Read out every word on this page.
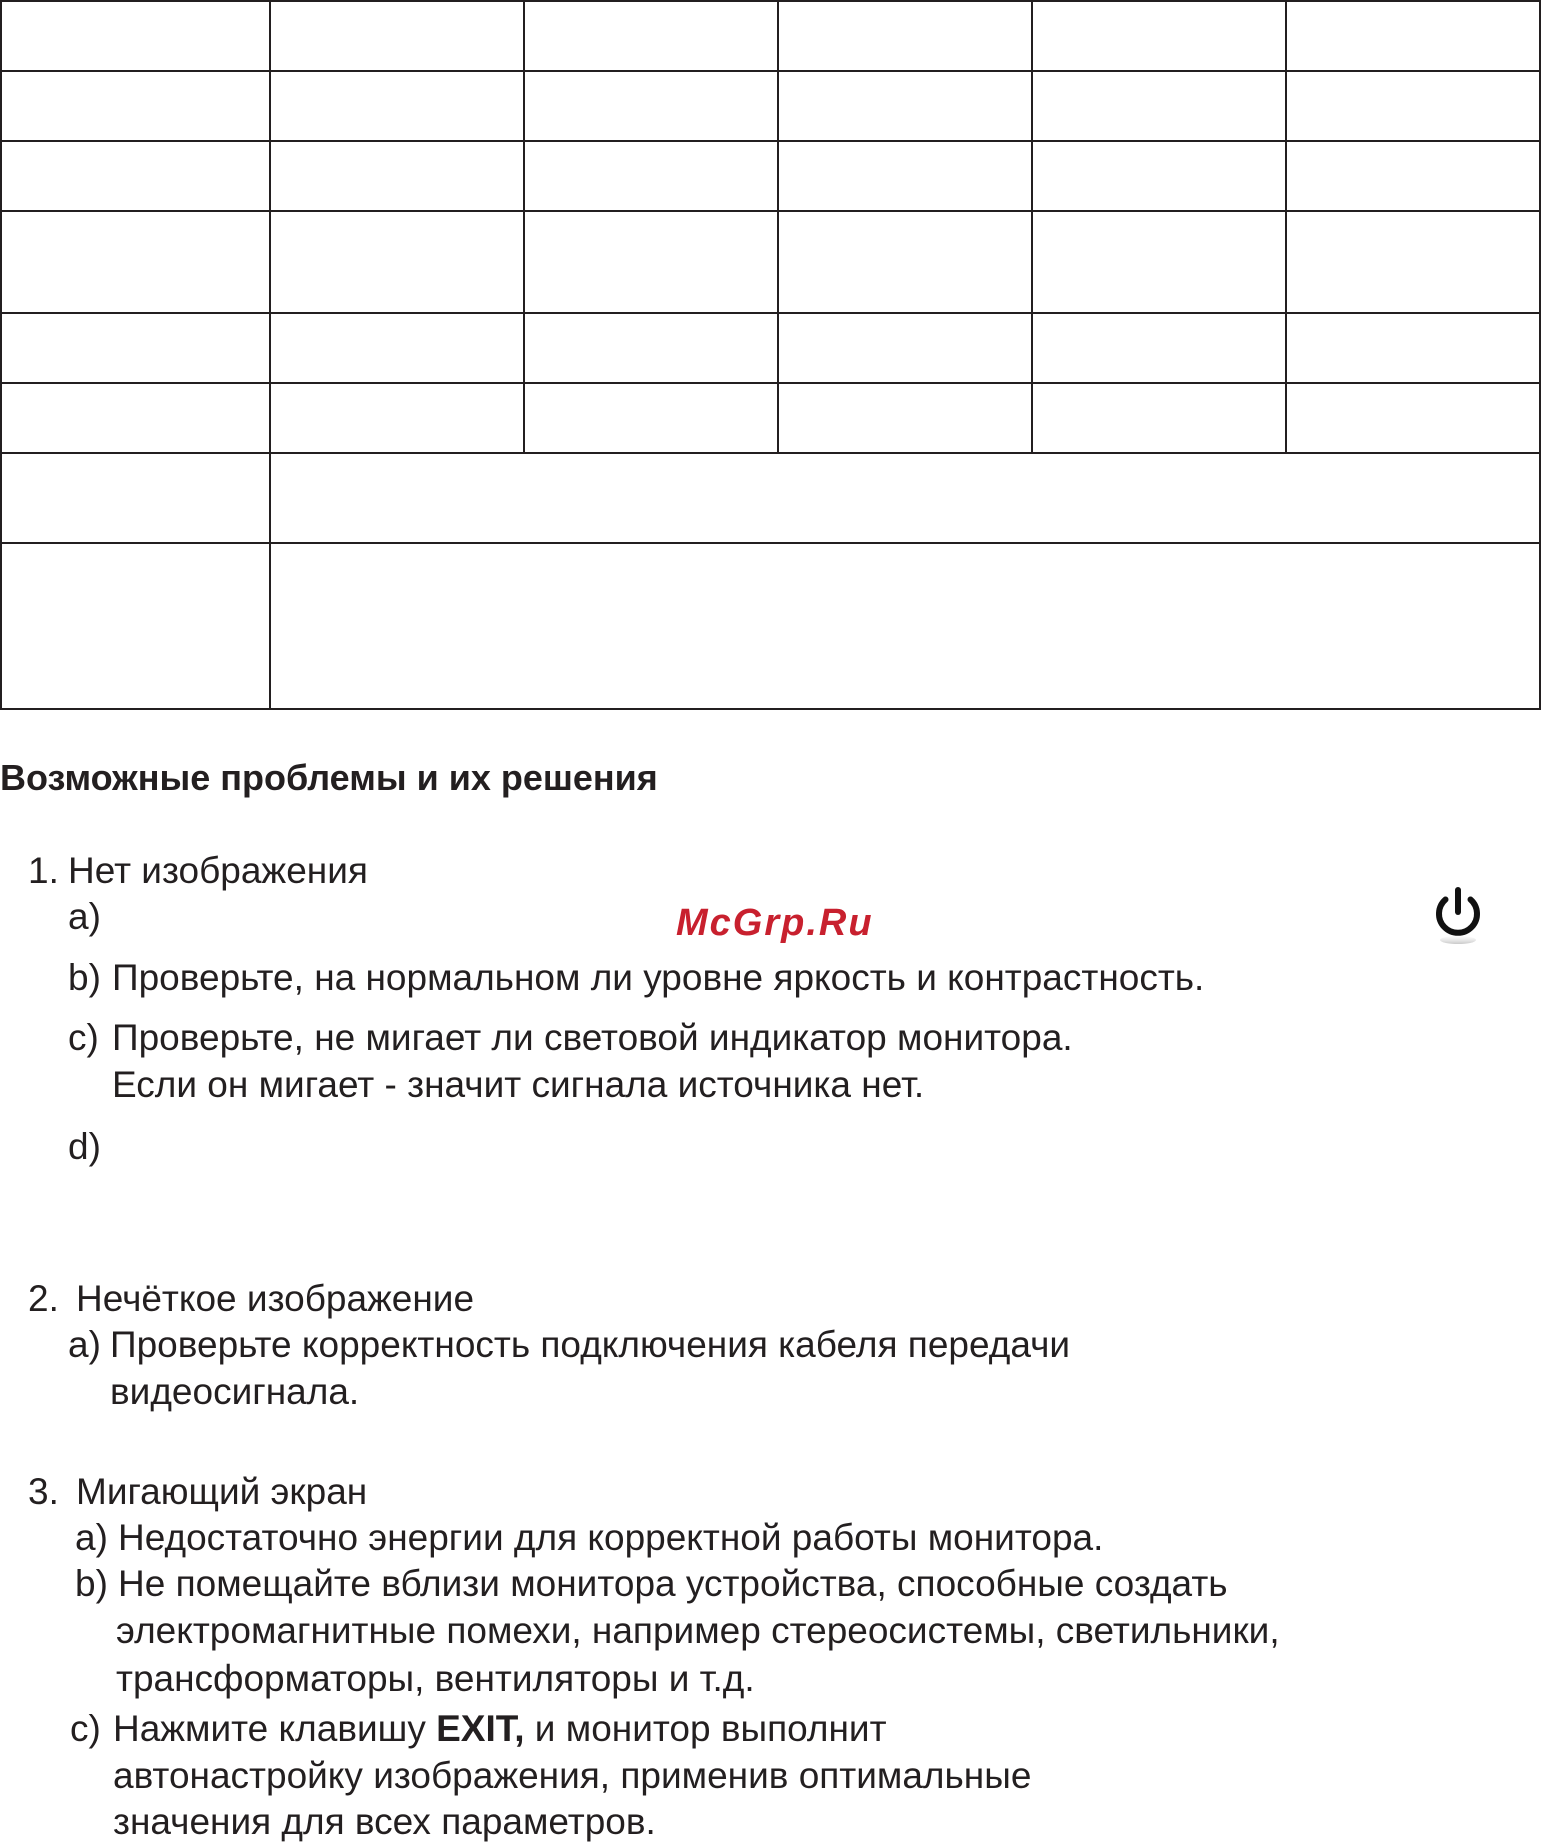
Возможные проблемы и их решения
McGrp.Ru
1. Нет изображения
a)
b) Проверьте, на нормальном ли уровне яркость и контрастность.
c) Проверьте, не мигает ли световой индикатор монитора.
Если он мигает - значит сигнала источника нет.
d)
2. Нечёткое изображение
a) Проверьте корректность подключения кабеля передачи
видеосигнала.
3. Мигающий экран
a) Недостаточно энергии для корректной работы монитора.
b) Не помещайте вблизи монитора устройства, способные создать
электромагнитные помехи, например стереосистемы, светильники,
трансформаторы, вентиляторы и т.д.
c) Нажмите клавишу EXIT, и монитор выполнит
автонастройку изображения, применив оптимальные
значения для всех параметров.
